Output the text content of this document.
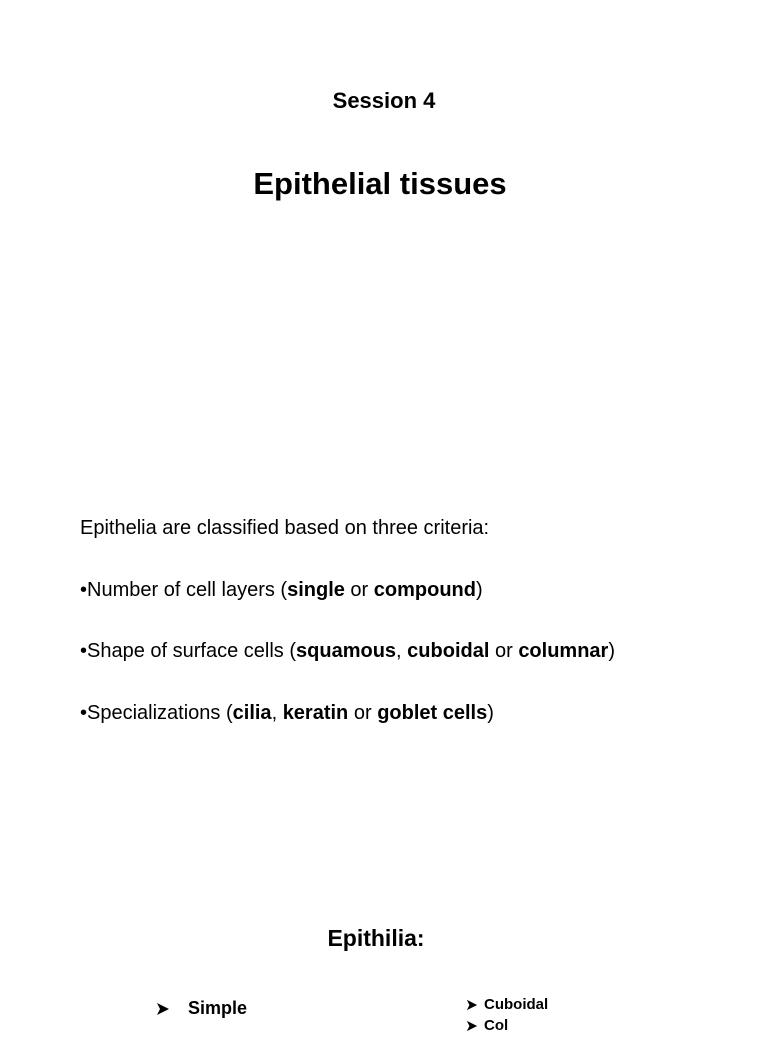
Session 4
Epithelial tissues
Epithelia are classified based on three criteria:
•Number of cell layers (single or compound)
•Shape of surface cells (squamous, cuboidal or columnar)
•Specializations (cilia, keratin or goblet cells)
Epithilia:
Simple	Cuboidal
Col
